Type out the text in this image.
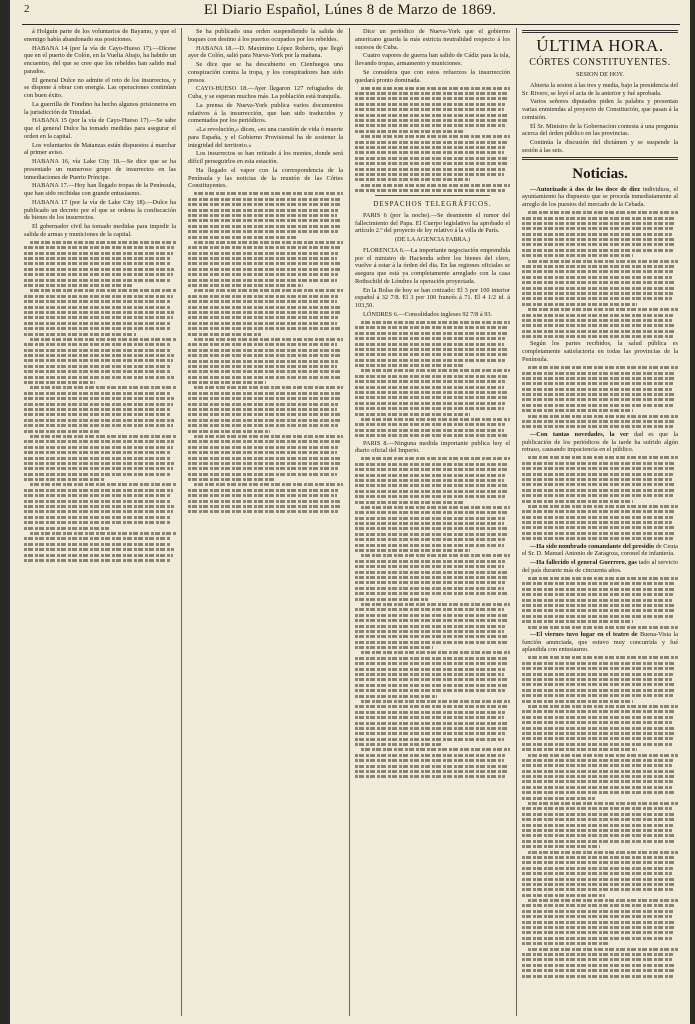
2	El Diario Español, Lúnes 8 de Marzo de 1869.

á Holguín parte de los voluntarios de Bayamo, y que el enemigo había abandonado sus posiciones.

HABANA 14 (por la vía de Cayo-Hueso 17).—Dícese que en el puerto de Colón, en la Vuelta Abajo, ha habido un encuentro, del que se cree que los rebeldes han salido mal parados.

El general Dulce no admite el reto de los insurrectos, y se dispone á obrar con energía. Las operaciones continúan con buen éxito.

La guerrilla de Fondino ha hecho algunos prisioneros en la jurisdicción de Trinidad.

HABANA 15 (por la vía de Cayo-Hueso 17).—Se sabe que el general Dulce ha tomado medidas para asegurar el orden en la capital.

Los voluntarios de Matanzas están dispuestos á marchar al primer aviso.

HABANA 16, vía Lake City 18.—Se dice que se ha presentado un numeroso grupo de insurrectos en las inmediaciones de Puerto Príncipe.

HABANA 17.—Hoy han llegado tropas de la Península, que han sido recibidas con grande entusiasmo.

HABANA 17 (por la vía de Lake City 18).—Dulce ha publicado un decreto por el que se ordena la confiscación de bienes de los insurrectos.

El gobernador civil ha tomado medidas para impedir la salida de armas y municiones de la capital.

Se ha publicado una orden suspendiendo la salida de buques con destino á los puertos ocupados por los rebeldes.

HABANA 18.—D. Maximino López Roberts, que llegó ayer de Colón, salió para Nueva-York por la mañana.

Se dice que se ha descubierto en Cienfuegos una conspiración contra la tropa, y los conspiradores han sido presos.

CAYO-HUESO 18.—Ayer llegaron 127 refugiados de Cuba, y se esperan muchos más. La población está tranquila.

La prensa de Nueva-York publica varios documentos relativos á la insurrección, que han sido traducidos y comentados por los periódicos.

«La revolución,» dicen, «es una cuestión de vida ó muerte para España, y el Gobierno Provisional ha de sostener la integridad del territorio.»

Los insurrectos se han retirado á los montes, donde será difícil perseguirlos en esta estación.

Ha llegado el vapor con la correspondencia de la Península y las noticias de la reunión de las Córtes Constituyentes.

Dice un periódico de Nueva-York que el gobierno americano guarda la más estricta neutralidad respecto á los sucesos de Cuba.

Cuatro vapores de guerra han salido de Cádiz para la isla, llevando tropas, armamento y municiones.

Se considera que con estos refuerzos la insurrección quedará pronto dominada.

DESPACHOS TELEGRÁFICOS.

PARIS 6 (por la noche).—Se desmiente el rumor del fallecimiento del Papa. El Cuerpo legislativo ha aprobado el artículo 2.º del proyecto de ley relativo á la villa de París.

(DE LA AGENCIA FABRA.)

FLORENCIA 6.—La importante negociación emprendida por el ministro de Hacienda sobre los bienes del clero, vuelve á estar á la órden del dia. En las regiones oficiales se asegura que está ya completamente arreglado con la casa Rothschild de Lóndres la operación proyectada.

En la Bolsa de hoy se han cotizado: El 3 por 100 interior español á 32 7/8. El 3 por 100 francés á 71. El 4 1/2 id. á 103,50.

LÓNDRES 6.—Consolidados ingleses 92 7/8 á 93.

PARIS 8.—Ninguna medida importante publica hoy el diario oficial del Imperio.

ÚLTIMA HORA.
CÓRTES CONSTITUYENTES.

SESION DE HOY.

Abierta la sesion á las tres y media, bajo la presidencia del Sr. Rivero, se leyó el acta de la anterior y fué aprobada.

Varios señores diputados piden la palabra y presentan varias enmiendas al proyecto de Constitución, que pasan á la comisión.

El Sr. Ministro de la Gobernacion contesta á una pregunta acerca del órden público en las provincias.

Continúa la discusión del dictámen y se suspende la sesión á las seis.

Noticias.

—Autorizado á dos de los doce de diez individuos, el ayuntamiento ha dispuesto que se proceda inmediatamente al arreglo de los puestos del mercado de la Cebada.

Según los partes recibidos, la salud pública es completamente satisfactoria en todas las provincias de la Península.

—Con tantas novedades, la ver dad es que la publicación de los periódicos de la tarde ha sufrido algún retraso, causando impaciencia en el público.

—Ha sido nombrado comandante del presidio de Ceuta el Sr. D. Manuel Antonio de Zaragoza, coronel de infantería.

—Ha fallecido el general Guerrero, gas tado al servicio del país durante más de cincuenta años.

—El viernes tuvo lugar en el teatro de Buena-Vista la función anunciada, que estuvo muy concurrida y fué aplaudida con entusiasmo.
